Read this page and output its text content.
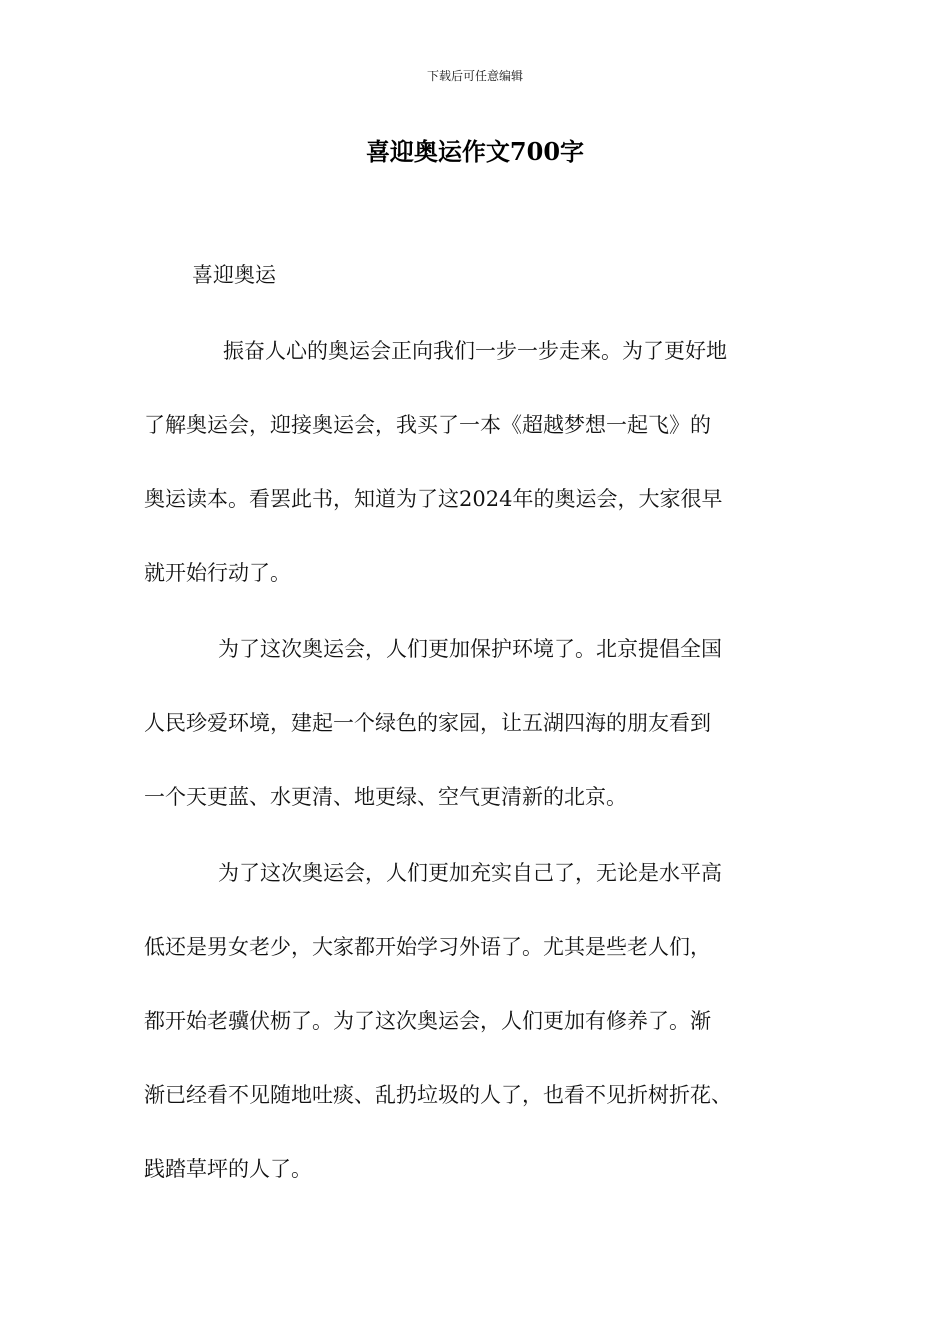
下载后可任意编辑
喜迎奥运作文700字
喜迎奥运
振奋人心的奥运会正向我们一步一步走来。为了更好地
了解奥运会，迎接奥运会，我买了一本《超越梦想一起飞》的
奥运读本。看罢此书，知道为了这2024年的奥运会，大家很早
就开始行动了。
为了这次奥运会，人们更加保护环境了。北京提倡全国
人民珍爱环境，建起一个绿色的家园，让五湖四海的朋友看到
一个天更蓝、水更清、地更绿、空气更清新的北京。
为了这次奥运会，人们更加充实自己了，无论是水平高
低还是男女老少，大家都开始学习外语了。尤其是些老人们，
都开始老骥伏枥了。为了这次奥运会，人们更加有修养了。渐
渐已经看不见随地吐痰、乱扔垃圾的人了，也看不见折树折花、
践踏草坪的人了。
